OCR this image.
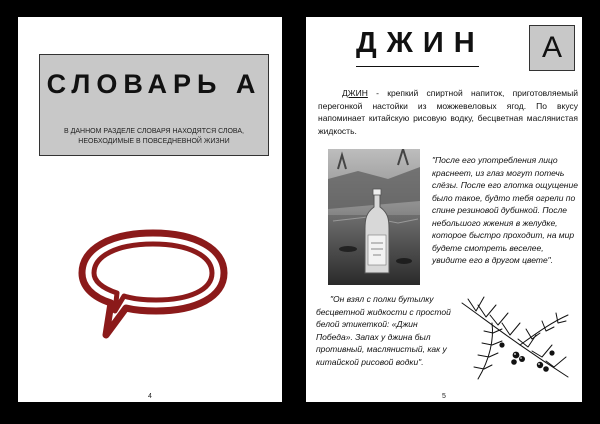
СЛОВАРЬ А
В ДАННОМ РАЗДЕЛЕ СЛОВАРЯ НАХОДЯТСЯ СЛОВА, НЕОБХОДИМЫЕ В ПОВСЕДНЕВНОЙ ЖИЗНИ
4
ДЖИН	А
ДЖИН - крепкий спиртной напиток, приготовляемый перегонкой настойки из можжевеловых ягод. По вкусу напоминает китайскую рисовую водку, бесцветная маслянистая жидкость.
"После его употребления лицо краснеет, из глаз могут потечь слёзы. После его глотка ощущение было такое, будто тебя огрели по спине резиновой дубинкой. После небольшого жжения в желудке, которое быстро проходит, на мир будете смотреть веселее, увидите его в другом цвете".
"Он взял с полки бутылку бесцветной жидкости с простой белой этикеткой: «Джин Победа». Запах у джина был противный, маслянистый, как у китайской рисовой водки".
5
